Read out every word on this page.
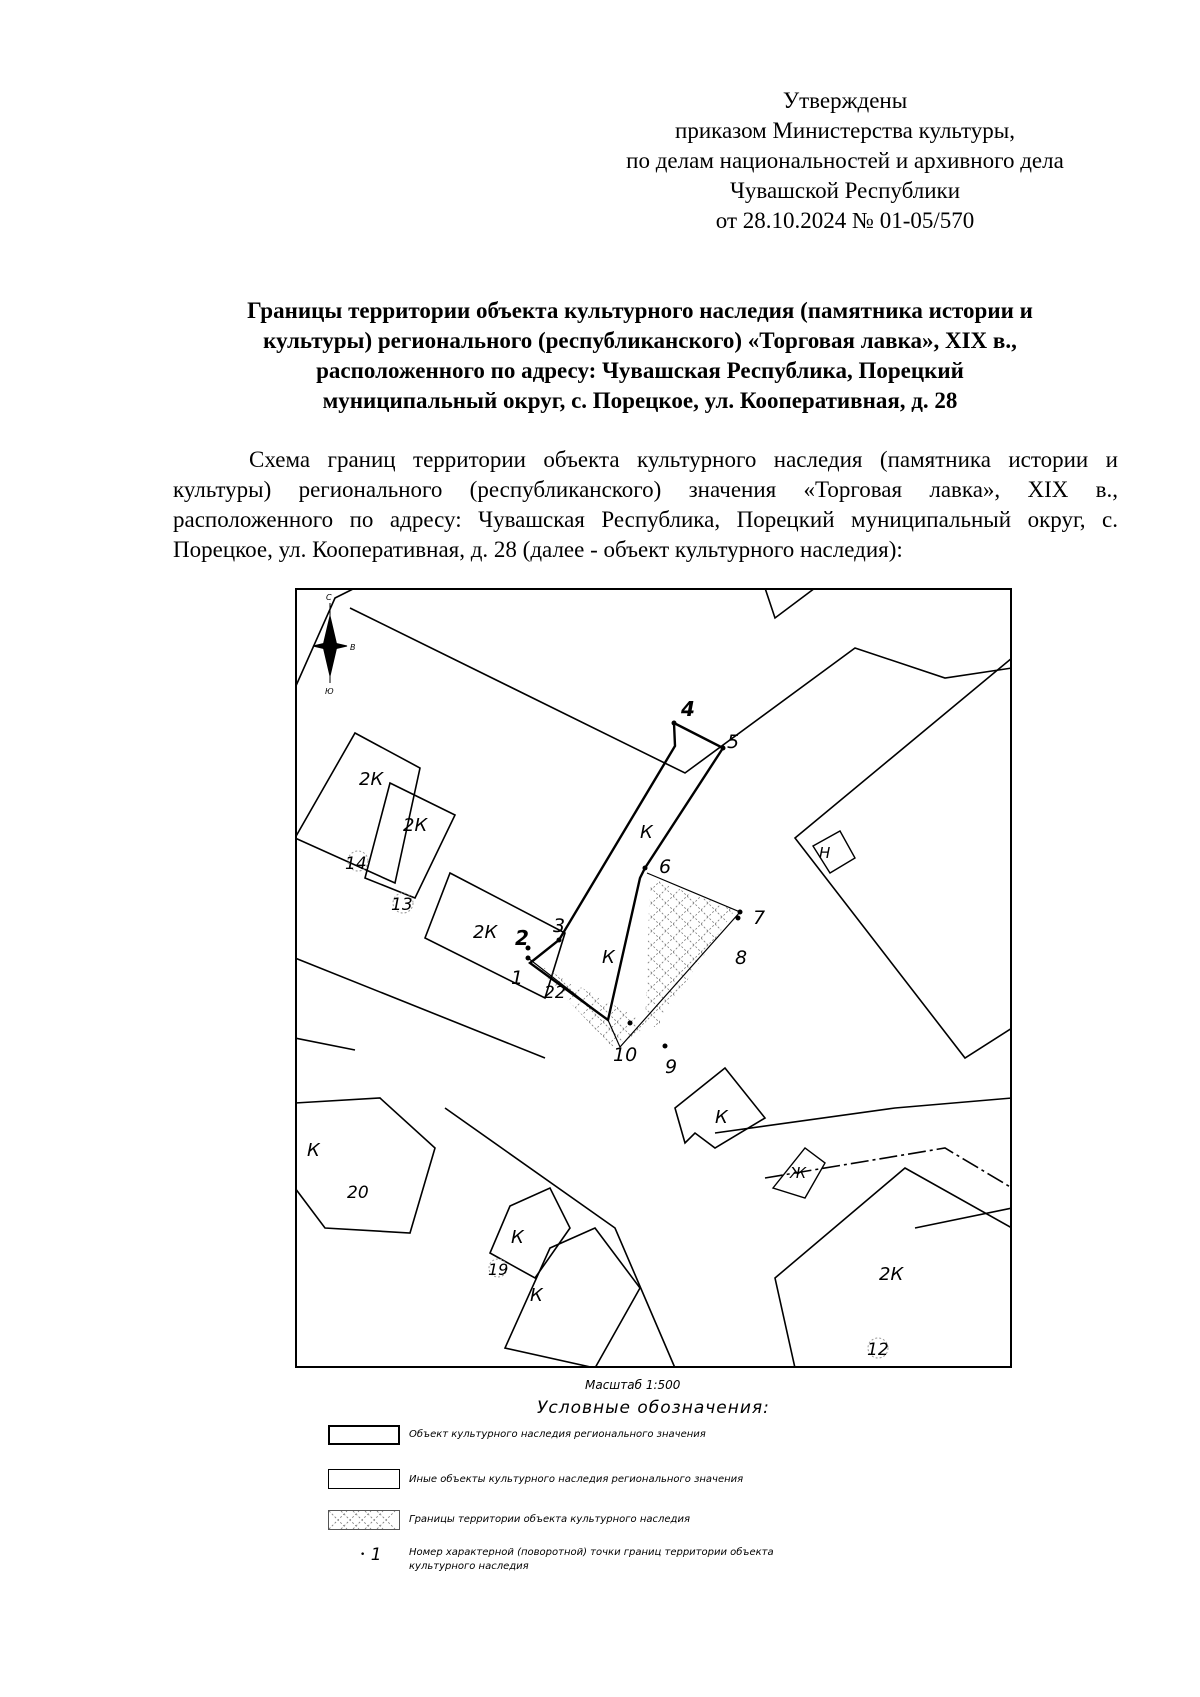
Утверждены
приказом Министерства культуры,
по делам национальностей и архивного дела
Чувашской Республики
от 28.10.2024 № 01-05/570
Границы территории объекта культурного наследия (памятника истории и
культуры) регионального (республиканского) «Торговая лавка», XIX в.,
расположенного по адресу: Чувашская Республика, Порецкий
муниципальный округ, с. Порецкое, ул. Кооперативная, д. 28
Схема границ территории объекта культурного наследия (памятника истории и культуры) регионального (республиканского) значения «Торговая лавка», XIX в., расположенного по адресу: Чувашская Республика, Порецкий муниципальный округ, с. Порецкое, ул. Кооперативная, д. 28 (далее - объект культурного наследия):
С
В
Ю
2К
2К
2К
К
К
Н
Ж
К
К
К
К
2К
14
13
22
20
19
12
1
2 3
4
5
6
7
8
9
10
Масштаб 1:500
Условные обозначения:
Объект культурного наследия регионального значения
Иные объекты культурного наследия регионального значения
Границы территории объекта культурного наследия
• 1	Номер характерной (поворотной) точки границ территории объекта культурного наследия
